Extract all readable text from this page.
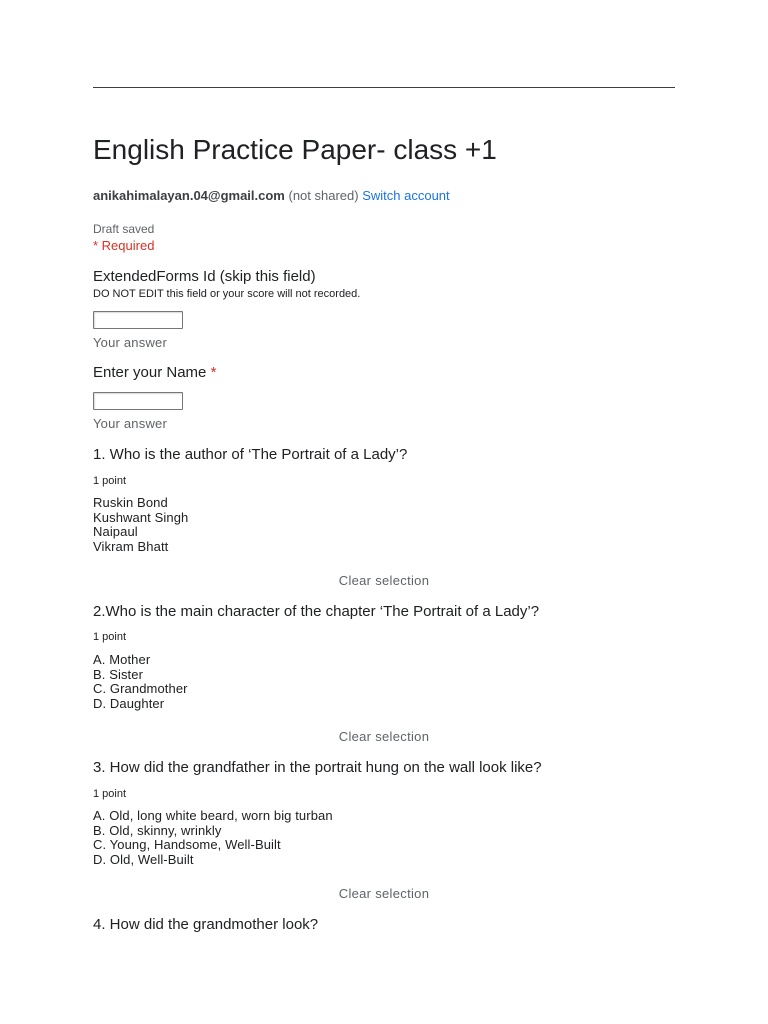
English Practice Paper- class +1
anikahimalayan.04@gmail.com (not shared) Switch account
Draft saved
* Required
ExtendedForms Id (skip this field)
DO NOT EDIT this field or your score will not recorded.
Your answer
Enter your Name *
Your answer
1. Who is the author of ‘The Portrait of a Lady’?
1 point
Ruskin Bond
Kushwant Singh
Naipaul
Vikram Bhatt
Clear selection
2.Who is the main character of the chapter ‘The Portrait of a Lady’?
1 point
A. Mother
B. Sister
C. Grandmother
D. Daughter
Clear selection
3. How did the grandfather in the portrait hung on the wall look like?
1 point
A. Old, long white beard, worn big turban
B. Old, skinny, wrinkly
C. Young, Handsome, Well-Built
D. Old, Well-Built
Clear selection
4. How did the grandmother look?
